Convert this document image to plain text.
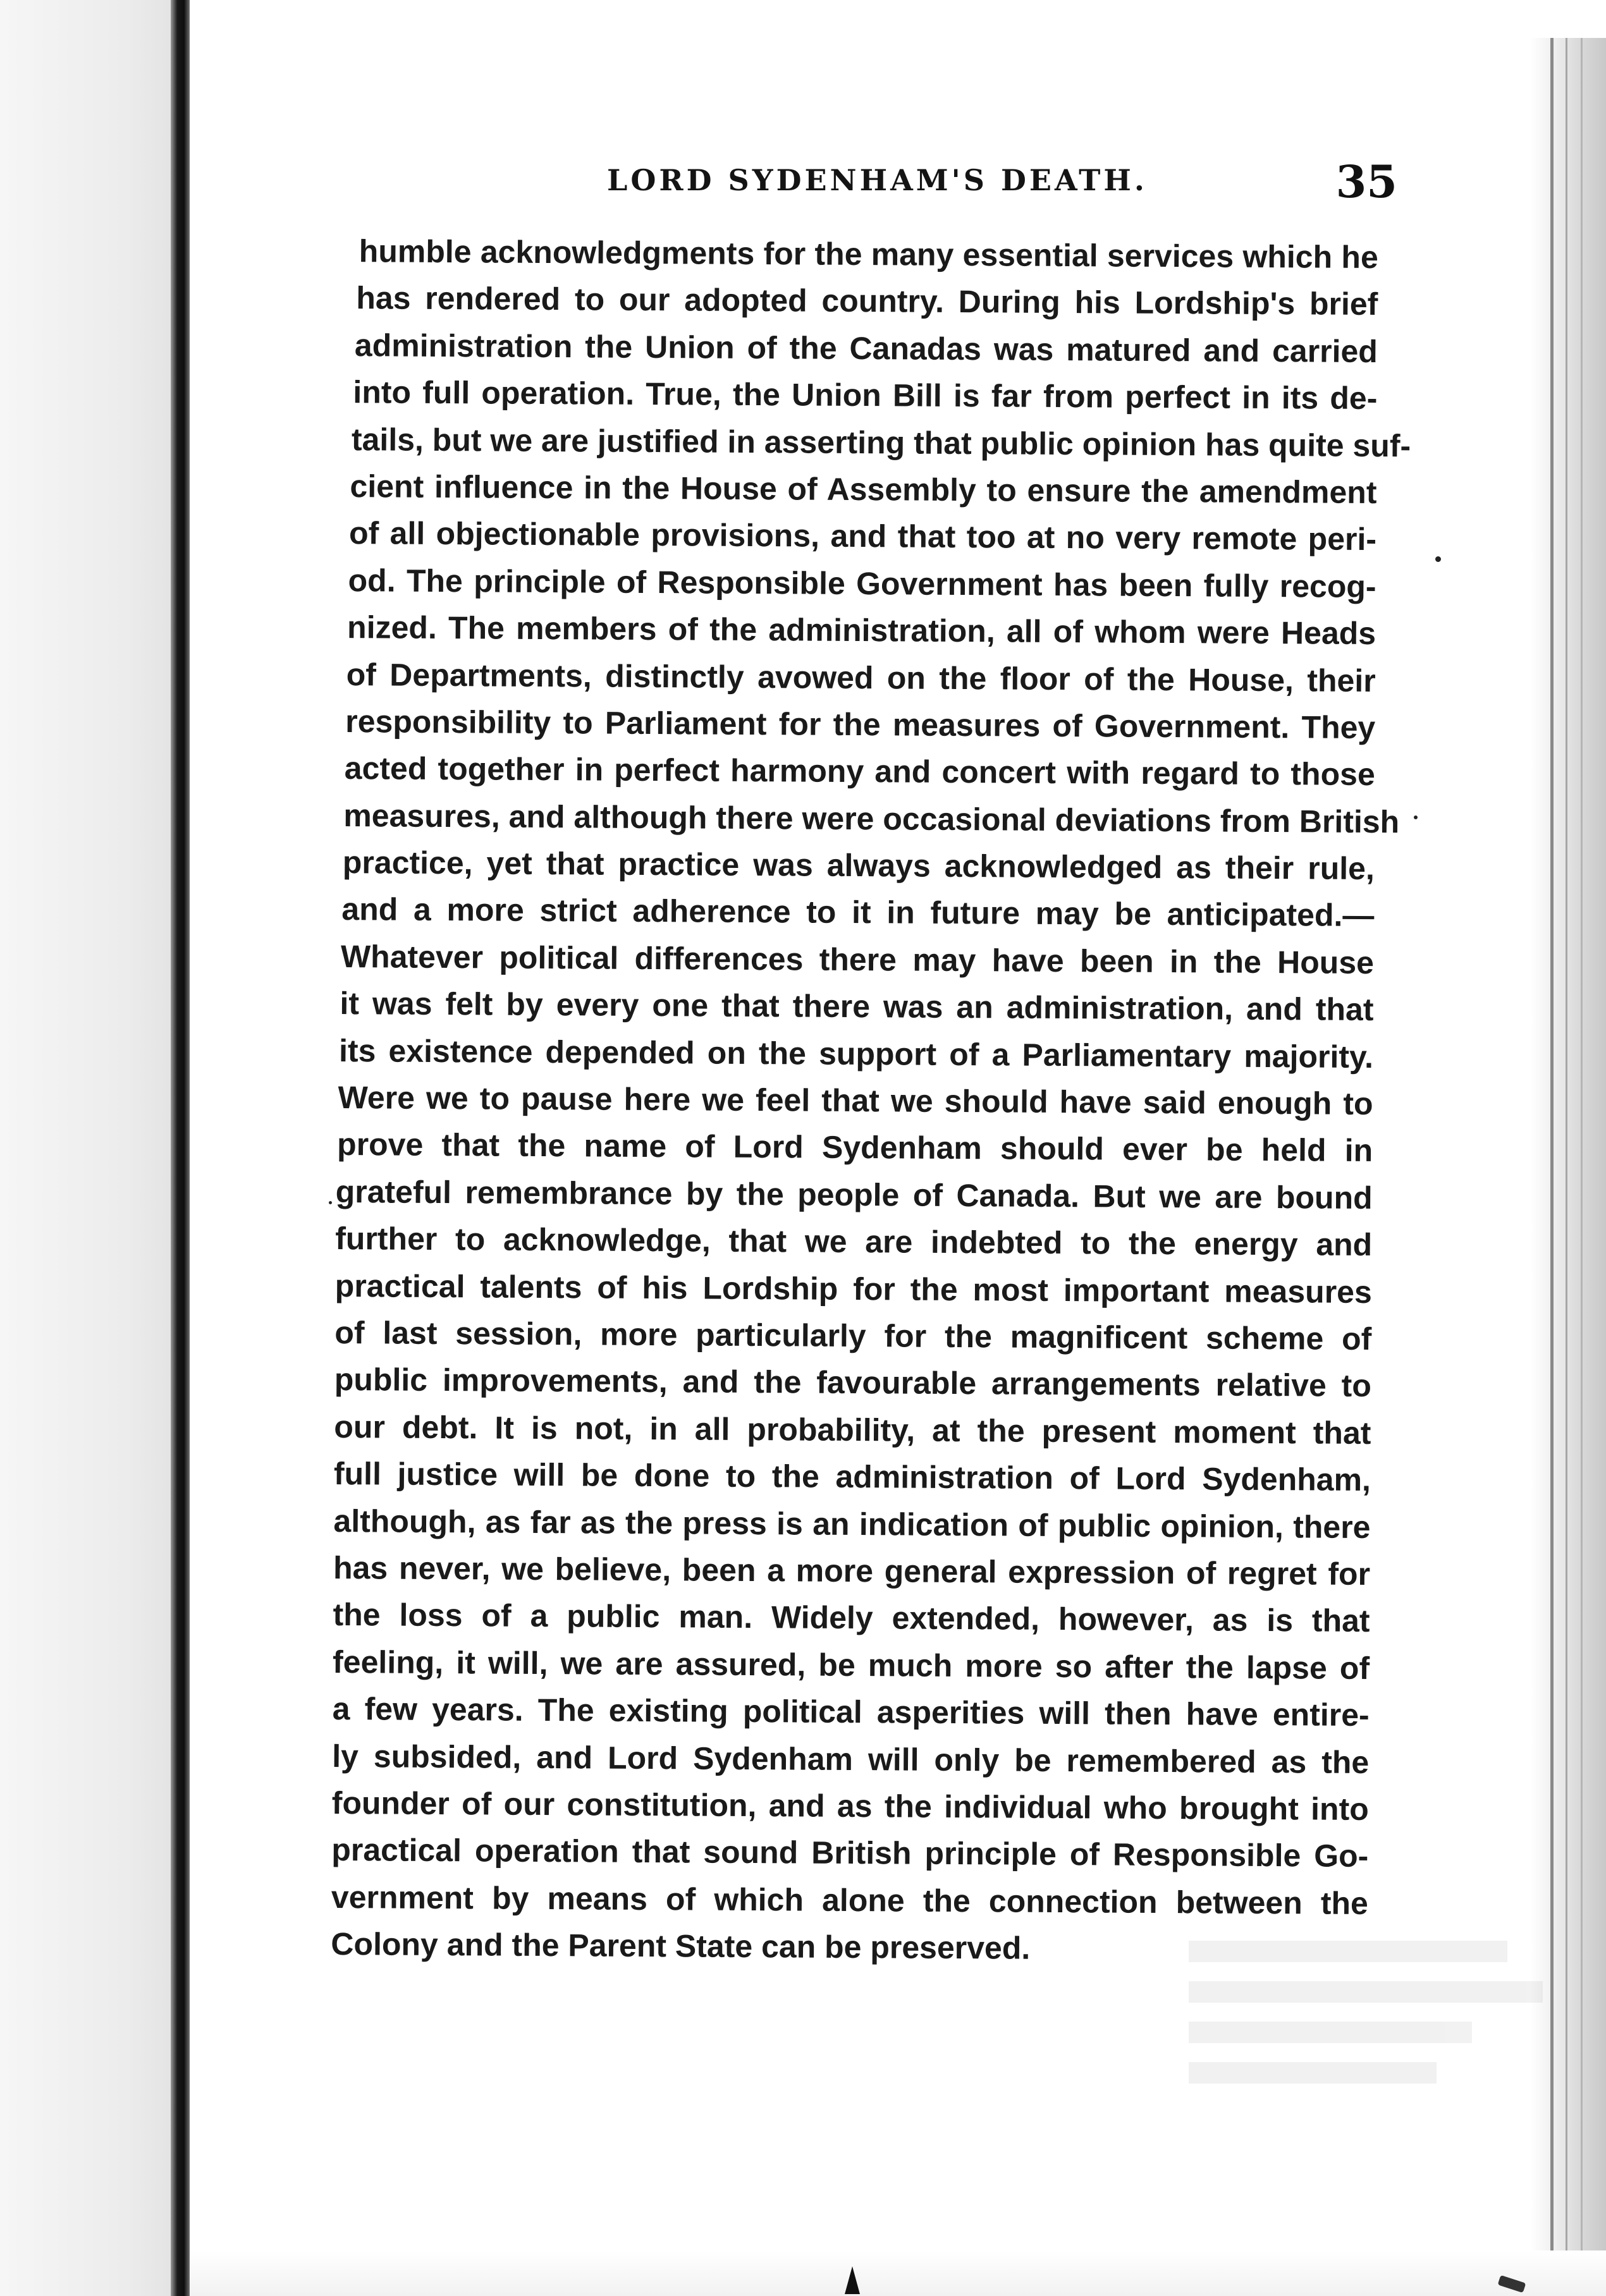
LORD SYDENHAM'S DEATH.	35
humble acknowledgments for the many essential services which he
has rendered to our adopted country. During his Lordship's brief
administration the Union of the Canadas was matured and carried
into full operation. True, the Union Bill is far from perfect in its de-
tails, but we are justified in asserting that public opinion has quite suf-
cient influence in the House of Assembly to ensure the amendment
of all objectionable provisions, and that too at no very remote peri-
od. The principle of Responsible Government has been fully recog-
nized. The members of the administration, all of whom were Heads
of Departments, distinctly avowed on the floor of the House, their
responsibility to Parliament for the measures of Government. They
acted together in perfect harmony and concert with regard to those
measures, and although there were occasional deviations from British
practice, yet that practice was always acknowledged as their rule,
and a more strict adherence to it in future may be anticipated.—
Whatever political differences there may have been in the House
it was felt by every one that there was an administration, and that
its existence depended on the support of a Parliamentary majority.
Were we to pause here we feel that we should have said enough to
prove that the name of Lord Sydenham should ever be held in
grateful remembrance by the people of Canada. But we are bound
further to acknowledge, that we are indebted to the energy and
practical talents of his Lordship for the most important measures
of last session, more particularly for the magnificent scheme of
public improvements, and the favourable arrangements relative to
our debt. It is not, in all probability, at the present moment that
full justice will be done to the administration of Lord Sydenham,
although, as far as the press is an indication of public opinion, there
has never, we believe, been a more general expression of regret for
the loss of a public man. Widely extended, however, as is that
feeling, it will, we are assured, be much more so after the lapse of
a few years. The existing political asperities will then have entire-
ly subsided, and Lord Sydenham will only be remembered as the
founder of our constitution, and as the individual who brought into
practical operation that sound British principle of Responsible Go-
vernment by means of which alone the connection between the
Colony and the Parent State can be preserved.
